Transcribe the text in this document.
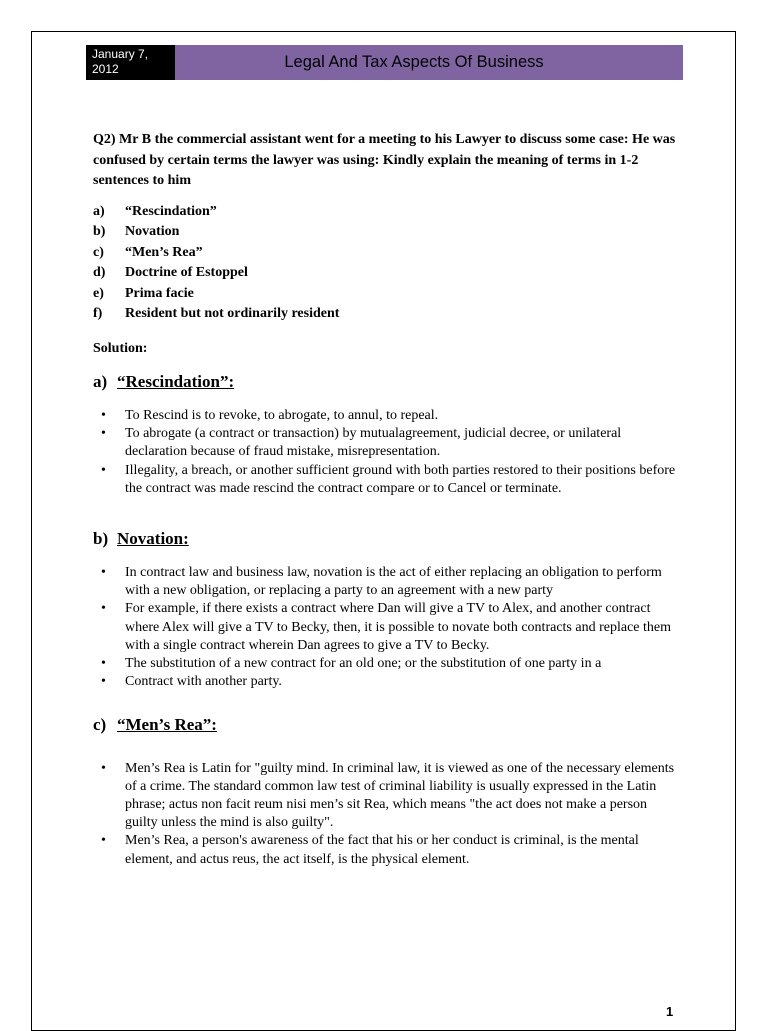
January 7, 2012	Legal And Tax Aspects Of Business

Q2) Mr B the commercial assistant went for a meeting to his Lawyer to discuss some case: He was confused by certain terms the lawyer was using: Kindly explain the meaning of terms in 1-2 sentences to him

a)	“Rescindation”
b)	Novation
c)	“Men’s Rea”
d)	Doctrine of Estoppel
e)	Prima facie
f)	Resident but not ordinarily resident

Solution:

a) “Rescindation”:
•
To Rescind is to revoke, to abrogate, to annul, to repeal.
•
To abrogate (a contract or transaction) by mutualagreement, judicial decree, or unilateral declaration because of fraud mistake, misrepresentation.
•
Illegality, a breach, or another sufficient ground with both parties restored to their positions before the contract was made rescind the contract compare or to Cancel or terminate.
b) Novation:
•
In contract law and business law, novation is the act of either replacing an obligation to perform with a new obligation, or replacing a party to an agreement with a new party
•
For example, if there exists a contract where Dan will give a TV to Alex, and another contract where Alex will give a TV to Becky, then, it is possible to novate both contracts and replace them with a single contract wherein Dan agrees to give a TV to Becky.
•
The substitution of a new contract for an old one; or the substitution of one party in a
•
Contract with another party.
c) “Men’s Rea”:
•
Men’s Rea is Latin for "guilty mind. In criminal law, it is viewed as one of the necessary elements of a crime. The standard common law test of criminal liability is usually expressed in the Latin phrase; actus non facit reum nisi men’s sit Rea, which means "the act does not make a person guilty unless the mind is also guilty".
•
Men’s Rea, a person's awareness of the fact that his or her conduct is criminal, is the mental element, and actus reus, the act itself, is the physical element.
1
